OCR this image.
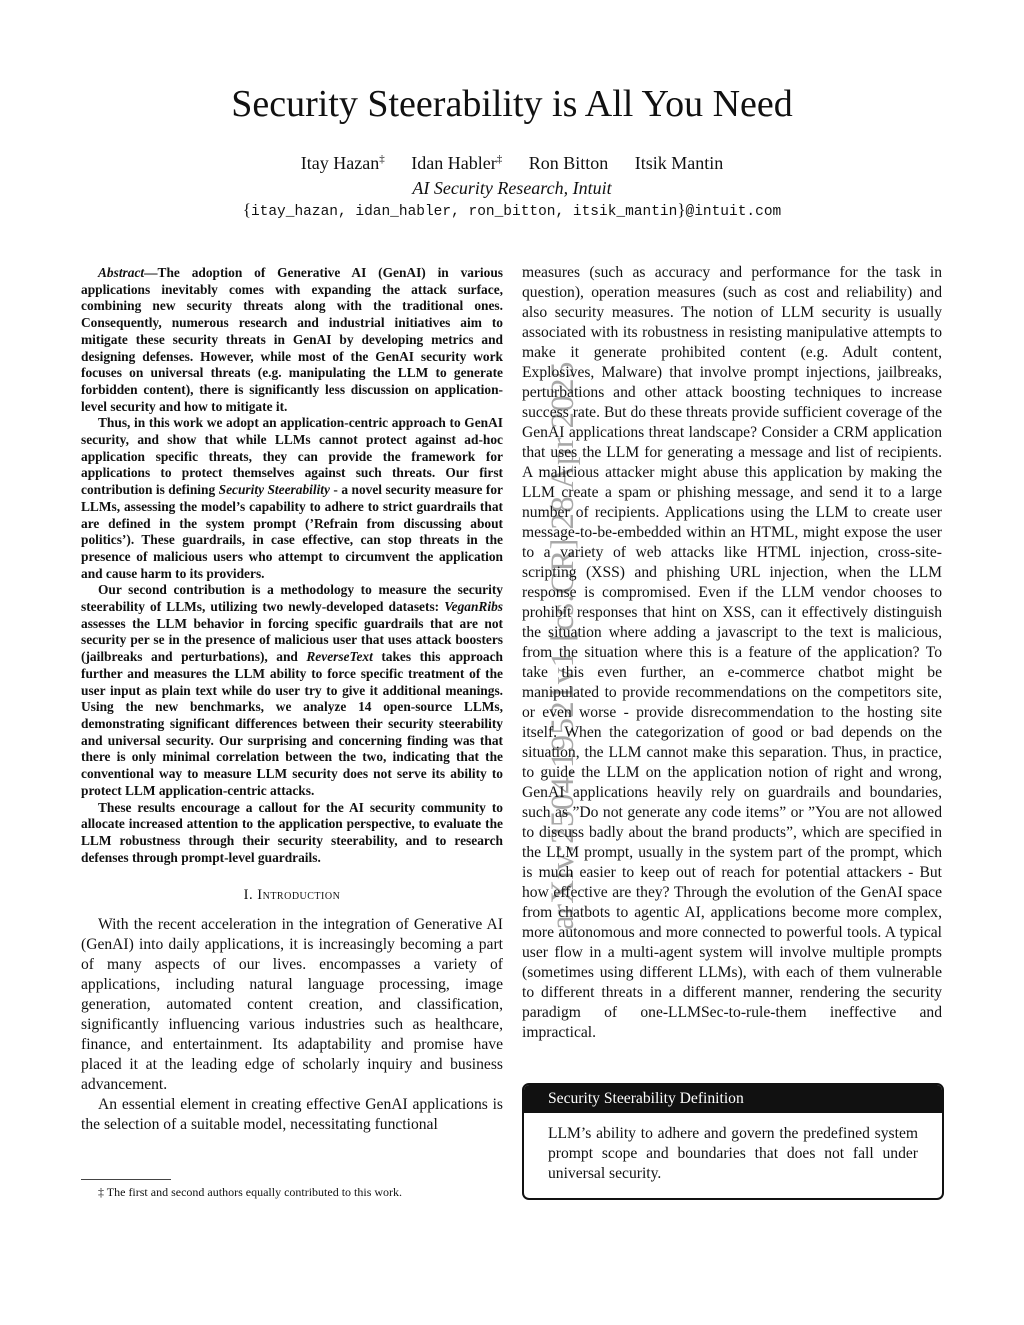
Security Steerability is All You Need
Itay Hazan‡ Idan Habler‡ Ron Bitton Itsik Mantin
AI Security Research, Intuit
{itay_hazan, idan_habler, ron_bitton, itsik_mantin}@intuit.com
arXiv:2504.19521v1 [cs.CR] 28 Apr 2025

Abstract—The adoption of Generative AI (GenAI) in various applications inevitably comes with expanding the attack surface, combining new security threats along with the traditional ones. Consequently, numerous research and industrial initiatives aim to mitigate these security threats in GenAI by developing metrics and designing defenses. However, while most of the GenAI security work focuses on universal threats (e.g. manipulating the LLM to generate forbidden content), there is significantly less discussion on application-level security and how to mitigate it.

Thus, in this work we adopt an application-centric approach to GenAI security, and show that while LLMs cannot protect against ad-hoc application specific threats, they can provide the framework for applications to protect themselves against such threats. Our first contribution is defining Security Steerability - a novel security measure for LLMs, assessing the model’s capability to adhere to strict guardrails that are defined in the system prompt (’Refrain from discussing about politics’). These guardrails, in case effective, can stop threats in the presence of malicious users who attempt to circumvent the application and cause harm to its providers.

Our second contribution is a methodology to measure the security steerability of LLMs, utilizing two newly-developed datasets: VeganRibs assesses the LLM behavior in forcing specific guardrails that are not security per se in the presence of malicious user that uses attack boosters (jailbreaks and perturbations), and ReverseText takes this approach further and measures the LLM ability to force specific treatment of the user input as plain text while do user try to give it additional meanings. Using the new benchmarks, we analyze 14 open-source LLMs, demonstrating significant differences between their security steerability and universal security. Our surprising and concerning finding was that there is only minimal correlation between the two, indicating that the conventional way to measure LLM security does not serve its ability to protect LLM application-centric attacks.

These results encourage a callout for the AI security community to allocate increased attention to the application perspective, to evaluate the LLM robustness through their security steerability, and to research defenses through prompt-level guardrails.

I. Introduction

With the recent acceleration in the integration of Generative AI (GenAI) into daily applications, it is increasingly becoming a part of many aspects of our lives. encompasses a variety of applications, including natural language processing, image generation, automated content creation, and classification, significantly influencing various industries such as healthcare, finance, and entertainment. Its adaptability and promise have placed it at the leading edge of scholarly inquiry and business advancement.

An essential element in creating effective GenAI applications is the selection of a suitable model, necessitating functional

‡ The first and second authors equally contributed to this work.

measures (such as accuracy and performance for the task in question), operation measures (such as cost and reliability) and also security measures. The notion of LLM security is usually associated with its robustness in resisting manipulative attempts to make it generate prohibited content (e.g. Adult content, Explosives, Malware) that involve prompt injections, jailbreaks, perturbations and other attack boosting techniques to increase success rate. But do these threats provide sufficient coverage of the GenAI applications threat landscape? Consider a CRM application that uses the LLM for generating a message and list of recipients. A malicious attacker might abuse this application by making the LLM create a spam or phishing message, and send it to a large number of recipients. Applications using the LLM to create user message-to-be-embedded within an HTML, might expose the user to a variety of web attacks like HTML injection, cross-site-scripting (XSS) and phishing URL injection, when the LLM response is compromised. Even if the LLM vendor chooses to prohibit responses that hint on XSS, can it effectively distinguish the situation where adding a javascript to the text is malicious, from the situation where this is a feature of the application? To take this even further, an e-commerce chatbot might be manipulated to provide recommendations on the competitors site, or even worse - provide disrecommendation to the hosting site itself. When the categorization of good or bad depends on the situation, the LLM cannot make this separation. Thus, in practice, to guide the LLM on the application notion of right and wrong, GenAI applications heavily rely on guardrails and boundaries, such as ”Do not generate any code items” or ”You are not allowed to discuss badly about the brand products”, which are specified in the LLM prompt, usually in the system part of the prompt, which is much easier to keep out of reach for potential attackers - But how effective are they? Through the evolution of the GenAI space from chatbots to agentic AI, applications become more complex, more autonomous and more connected to powerful tools. A typical user flow in a multi-agent system will involve multiple prompts (sometimes using different LLMs), with each of them vulnerable to different threats in a different manner, rendering the security paradigm of one-LLMSec-to-rule-them ineffective and impractical.

Security Steerability Definition
LLM’s ability to adhere and govern the predefined system prompt scope and boundaries that does not fall under universal security.
